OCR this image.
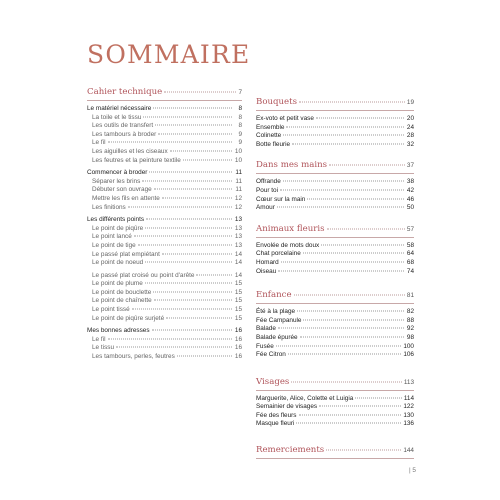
SOMMAIRE
Cahier technique	7
Le matériel nécessaire	8
La toile et le tissu	8
Les outils de transfert	8
Les tambours à broder	9
Le fil	9
Les aiguilles et les ciseaux	10
Les feutres et la peinture textile	10
Commencer à broder	11
Séparer les brins	11
Débuter son ouvrage	11
Mettre les fils en attente	12
Les finitions	12
Les différents points	13
Le point de piqûre	13
Le point lancé	13
Le point de tige	13
Le passé plat empiétant	14
Le point de noeud	14
Le passé plat croisé ou point d'arête	14
Le point de plume	15
Le point de bouclette	15
Le point de chaînette	15
Le point tissé	15
Le point de piqûre surjeté	15
Mes bonnes adresses	16
Le fil	16
Le tissu	16
Les tambours, perles, feutres	16
Bouquets	19
Ex-voto et petit vase	20
Ensemble	24
Colinette	28
Botte fleurie	32
Dans mes mains	37
Offrande	38
Pour toi	42
Cœur sur la main	46
Amour	50
Animaux fleuris	57
Envolée de mots doux	58
Chat porcelaine	64
Homard	68
Oiseau	74
Enfance	81
Été à la plage	82
Fée Campanule	88
Balade	92
Balade épurée	98
Fusée	100
Fée Citron	106
Visages	113
Marguerite, Alice, Colette et Luigia	114
Semainier de visages	122
Fée des fleurs	130
Masque fleuri	136
Remerciements	144
| 5
